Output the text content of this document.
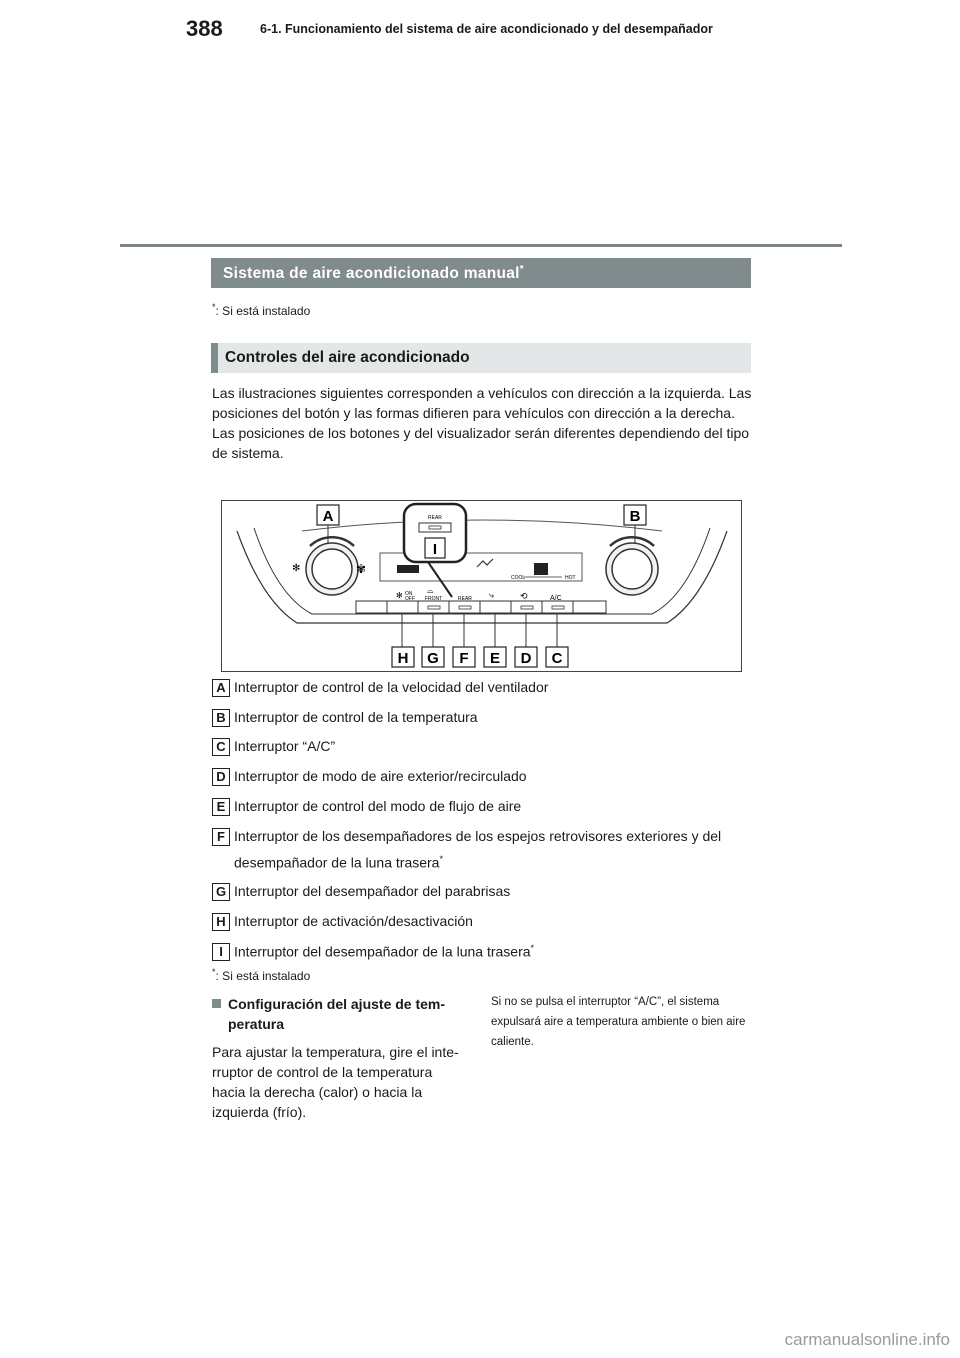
388	6-1. Funcionamiento del sistema de aire acondicionado y del desempañador
Sistema de aire acondicionado manual*
*: Si está instalado
Controles del aire acondicionado

Las ilustraciones siguientes corresponden a vehículos con dirección a la izquierda. Las posiciones del botón y las formas difieren para vehículos con dirección a la derecha.

Las posiciones de los botones y del visualizador serán diferentes dependiendo del tipo de sistema.

✻	✾
COOL	HOT
ON
OFF FRONT	REAR	A/C
✻
⌓	⤷	⟲
REAR
A	B
I
H G F E D C
A Interruptor de control de la velocidad del ventilador
B Interruptor de control de la temperatura
C Interruptor “A/C”
D Interruptor de modo de aire exterior/recirculado
E Interruptor de control del modo de flujo de aire
F Interruptor de los desempañadores de los espejos retrovisores exteriores y del
desempañador de la luna trasera*
G Interruptor del desempañador del parabrisas
H Interruptor de activación/desactivación
I Interruptor del desempañador de la luna trasera*
*: Si está instalado
Configuración del ajuste de tem-peratura
Para ajustar la temperatura, gire el inte-rruptor de control de la temperatura hacia la derecha (calor) o hacia la izquierda (frío).
Si no se pulsa el interruptor “A/C”, el sistema expulsará aire a temperatura ambiente o bien aire caliente.
carmanualsonline.info
